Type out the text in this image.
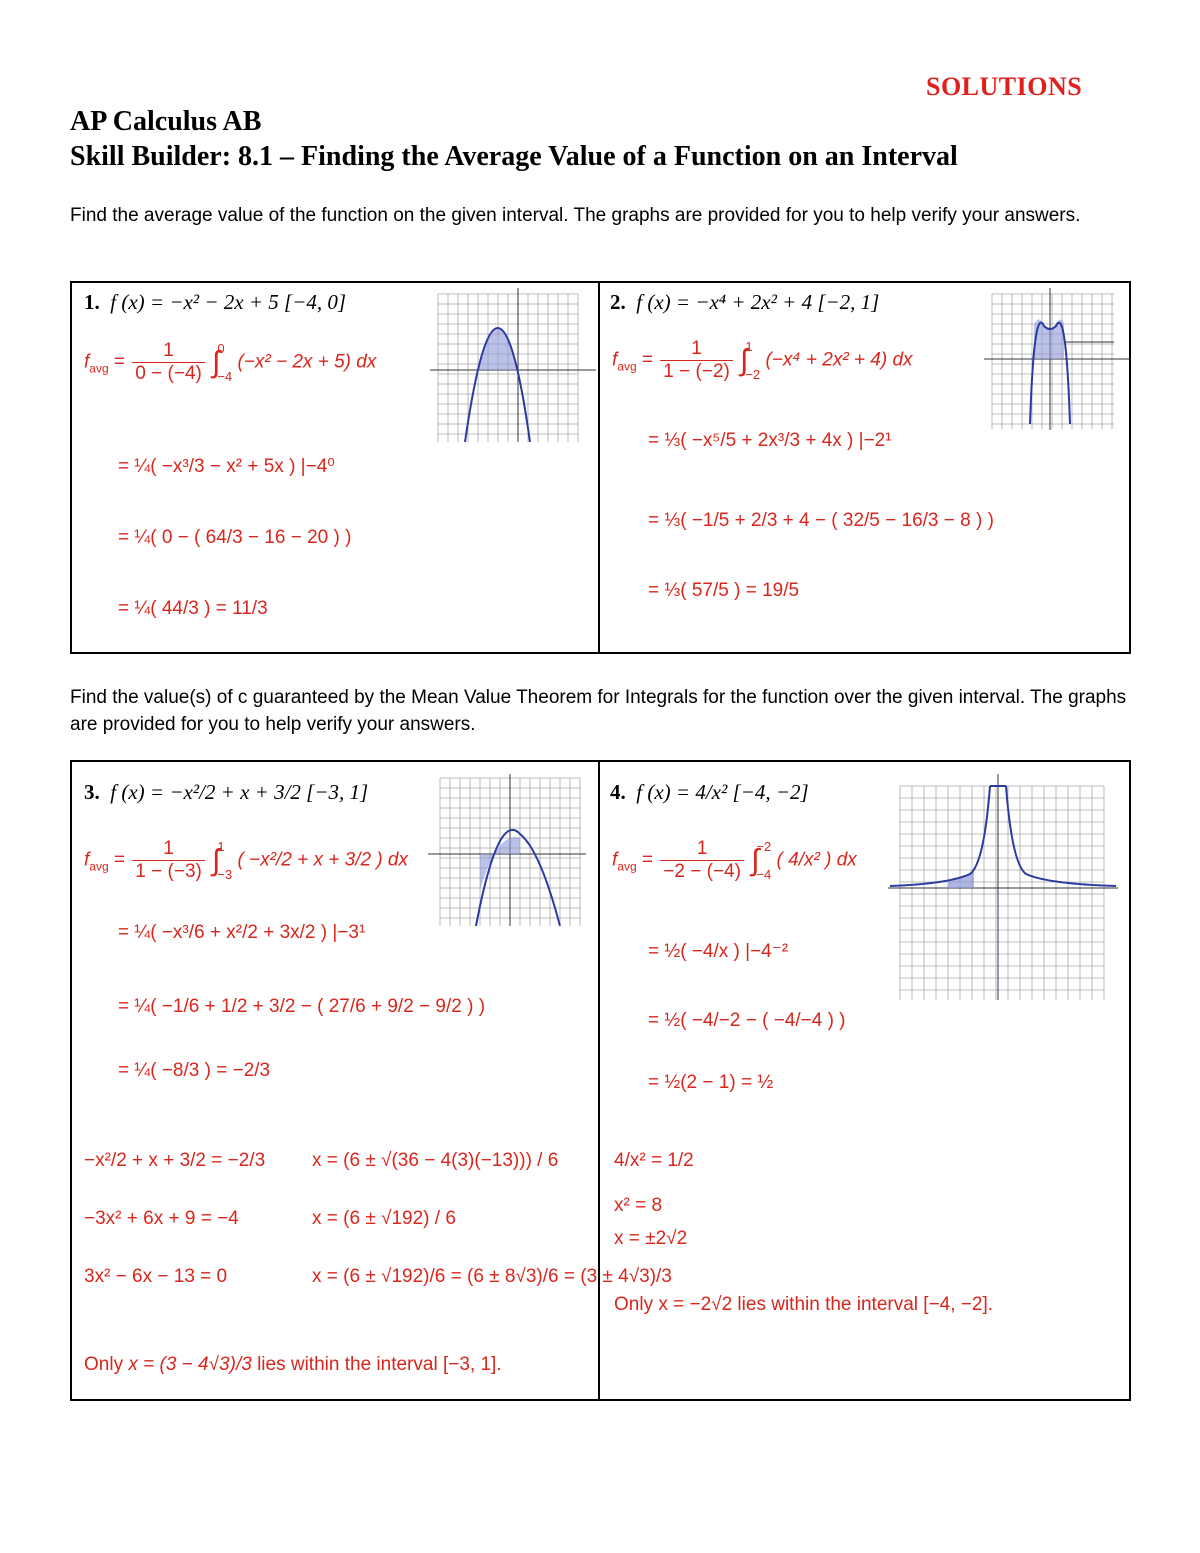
SOLUTIONS
AP Calculus AB
Skill Builder: 8.1 – Finding the Average Value of a Function on an Interval
Find the average value of the function on the given interval. The graphs are provided for you to help verify your answers.
1. f (x) = −x² − 2x + 5 [−4, 0]
$f_{avg} = \frac{1}{0 - (-4)} \int 0$

−4 (−x² − 2x + 5) dx
= ¼( −x³/3 − x² + 5x ) |−4⁰
= ¼( 0 − ( 64/3 − 16 − 20 ) )
= ¼( 44/3 ) = 11/3
2. f (x) = −x⁴ + 2x² + 4 [−2, 1]
$f_{avg} = \frac{1}{1 - (-2)} \int 1$

−2 (−x⁴ + 2x² + 4) dx
= ⅓( −x⁵/5 + 2x³/3 + 4x ) |−2¹
= ⅓( −1/5 + 2/3 + 4 − ( 32/5 − 16/3 − 8 ) )
= ⅓( 57/5 ) = 19/5
Find the value(s) of c guaranteed by the Mean Value Theorem for Integrals for the function over the given interval. The graphs are provided for you to help verify your answers.
3. f (x) = −x²/2 + x + 3/2 [−3, 1]
$f_{avg} = \frac{1}{1 - (-3)} \int 1$

−3 ( −x²/2 + x + 3/2 ) dx
= ¼( −x³/6 + x²/2 + 3x/2 ) |−3¹
= ¼( −1/6 + 1/2 + 3/2 − ( 27/6 + 9/2 − 9/2 ) )
= ¼( −8/3 ) = −2/3
−x²/2 + x + 3/2 = −2/3
−3x² + 6x + 9 = −4
3x² − 6x − 13 = 0
x = (6 ± √(36 − 4(3)(−13))) / 6
x = (6 ± √192) / 6
x = (6 ± √192)/6 = (6 ± 8√3)/6 = (3 ± 4√3)/3
Only x = (3 − 4√3)/3 lies within the interval [−3, 1].
4. f (x) = 4/x² [−4, −2]
$f_{avg} = \frac{1}{-2 - (-4)} \int-2$

−4 ( 4/x² ) dx
= ½( −4/x ) |−4⁻²
= ½( −4/−2 − ( −4/−4 ) )
= ½(2 − 1) = ½
4/x² = 1/2
x² = 8
x = ±2√2
Only x = −2√2 lies within the interval [−4, −2].
